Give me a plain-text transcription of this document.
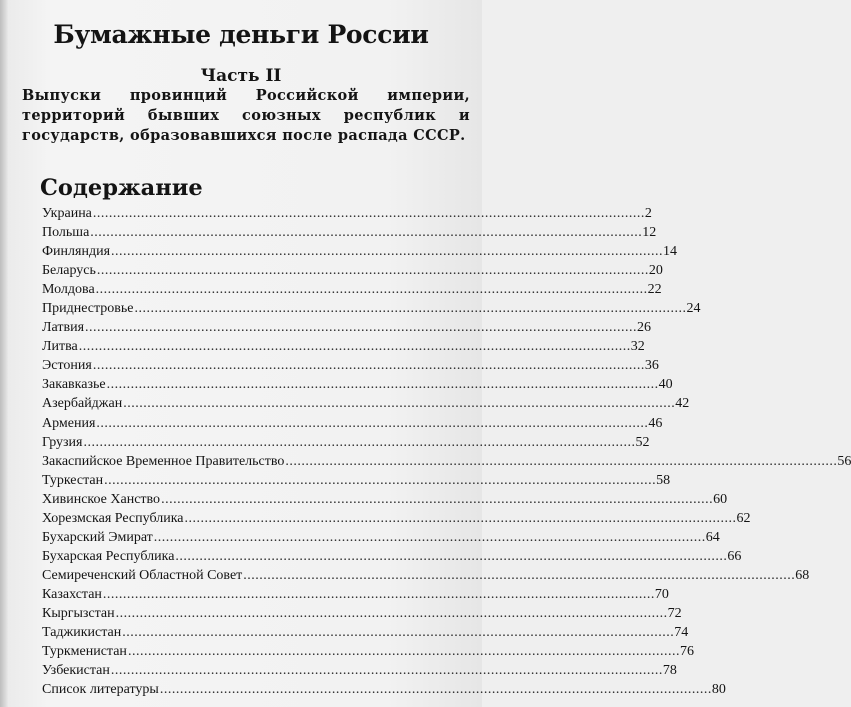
Бумажные деньги России
Часть II

Выпуски провинций Российской империи, территорий бывших союзных республик и государств, образовавшихся после распада СССР.

Содержание
Украина .......................................................................................................................................... 2
Польша .......................................................................................................................................... 12
Финляндия .......................................................................................................................................... 14
Беларусь .......................................................................................................................................... 20
Молдова .......................................................................................................................................... 22
Приднестровье .......................................................................................................................................... 24
Латвия .......................................................................................................................................... 26
Литва .......................................................................................................................................... 32
Эстония .......................................................................................................................................... 36
Закавказье .......................................................................................................................................... 40
Азербайджан .......................................................................................................................................... 42
Армения .......................................................................................................................................... 46
Грузия .......................................................................................................................................... 52
Закаспийское Временное Правительство .......................................................................................................................................... 56
Туркестан .......................................................................................................................................... 58
Хивинское Ханство .......................................................................................................................................... 60
Хорезмская Республика .......................................................................................................................................... 62
Бухарский Эмират .......................................................................................................................................... 64
Бухарская Республика .......................................................................................................................................... 66
Семиреченский Областной Совет .......................................................................................................................................... 68
Казахстан .......................................................................................................................................... 70
Кыргызстан .......................................................................................................................................... 72
Таджикистан .......................................................................................................................................... 74
Туркменистан .......................................................................................................................................... 76
Узбекистан .......................................................................................................................................... 78
Список литературы .......................................................................................................................................... 80
